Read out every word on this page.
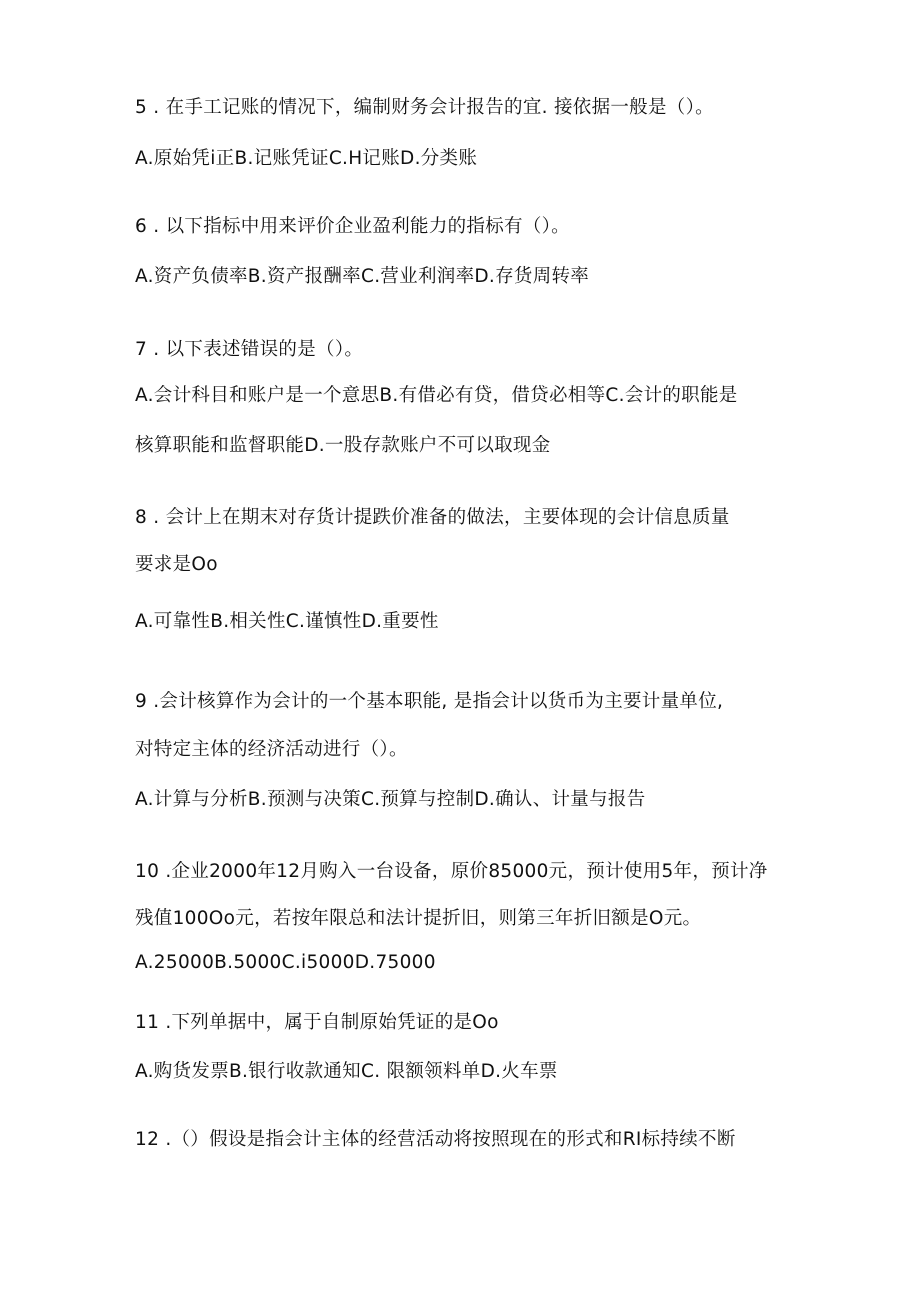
5 . 在手工记账的情况下，编制财务会计报告的宜. 接依据一般是（）。
A.原始凭i正B.记账凭证C.H记账D.分类账
6 . 以下指标中用来评价企业盈利能力的指标有（）。
A.资产负债率B.资产报酬率C.营业利润率D.存货周转率
7 . 以下表述错误的是（）。
A.会计科目和账户是一个意思B.有借必有贷，借贷必相等C.会计的职能是
核算职能和监督职能D.一股存款账户不可以取现金
8 . 会计上在期末对存货计提跌价准备的做法，主要体现的会计信息质量
要求是Oo
A.可靠性B.相关性C.谨慎性D.重要性
9 .会计核算作为会计的一个基本职能, 是指会计以货币为主要计量单位,
对特定主体的经济活动进行（）。
A.计算与分析B.预测与决策C.预算与控制D.确认、计量与报告
10 .企业2000年12月购入一台设备，原价85000元，预计使用5年，预计净
残值100Oo元，若按年限总和法计提折旧，则第三年折旧额是O元。
A.25000B.5000C.i5000D.75000
11 .下列单据中，属于自制原始凭证的是Oo
A.购货发票B.银行收款通知C. 限额领料单D.火车票
12 .（）假设是指会计主体的经营活动将按照现在的形式和RI标持续不断
